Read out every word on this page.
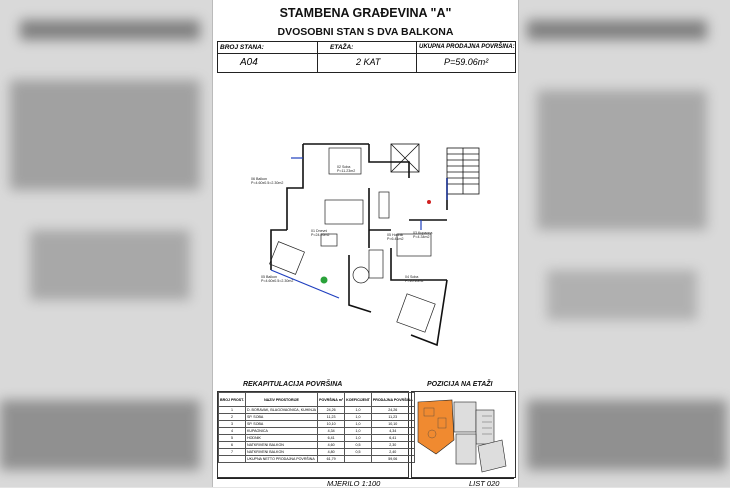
STAMBENA GRAĐEVINA "A"
DVOSOBNI STAN S DVA BALKONA
BROJ STANA:	ETAŽA:	UKUPNA PRODAJNA POVRŠINA:
A04	2 KAT	P=59.06m²
02 Soba
P=11.23m2
06 Balkon
P=4.60x0.5=2.30m2
01 Dnevni
P=24.26m2	03 Kupaona
P=4.34m2
05 Hodnik
P=6.41m2
04 Soba
P=10.10m2
05 Balkon
P=4.60x0.5=2.30m2
REKAPITULACIJA POVRŠINA	POZICIJA NA ETAŽI
BROJ PROST.	NAZIV PROSTORIJE	POVRŠINA m²	KOEFICIJENT	PRODAJNA POVRŠINA
1	D. BORAVAK, BLAGOVAONICA, KUHINJA	24,26	1,0	24,26
2	SP. SOBA	11,23	1,0	11,23
3	SP. SOBA	10,10	1,0	10,10
4	KUPAONICA	4,34	1,0	4,34
5	HODNIK	6,41	1,0	6,41
6	NATKRIVENI BALKON	4,60	0,5	2,30
7	NATKRIVENI BALKON	4,80	0,5	2,40
	UKUPNA NETTO PRODAJNA POVRŠINA	61,79		59,06
MJERILO 1:100	LIST 020
